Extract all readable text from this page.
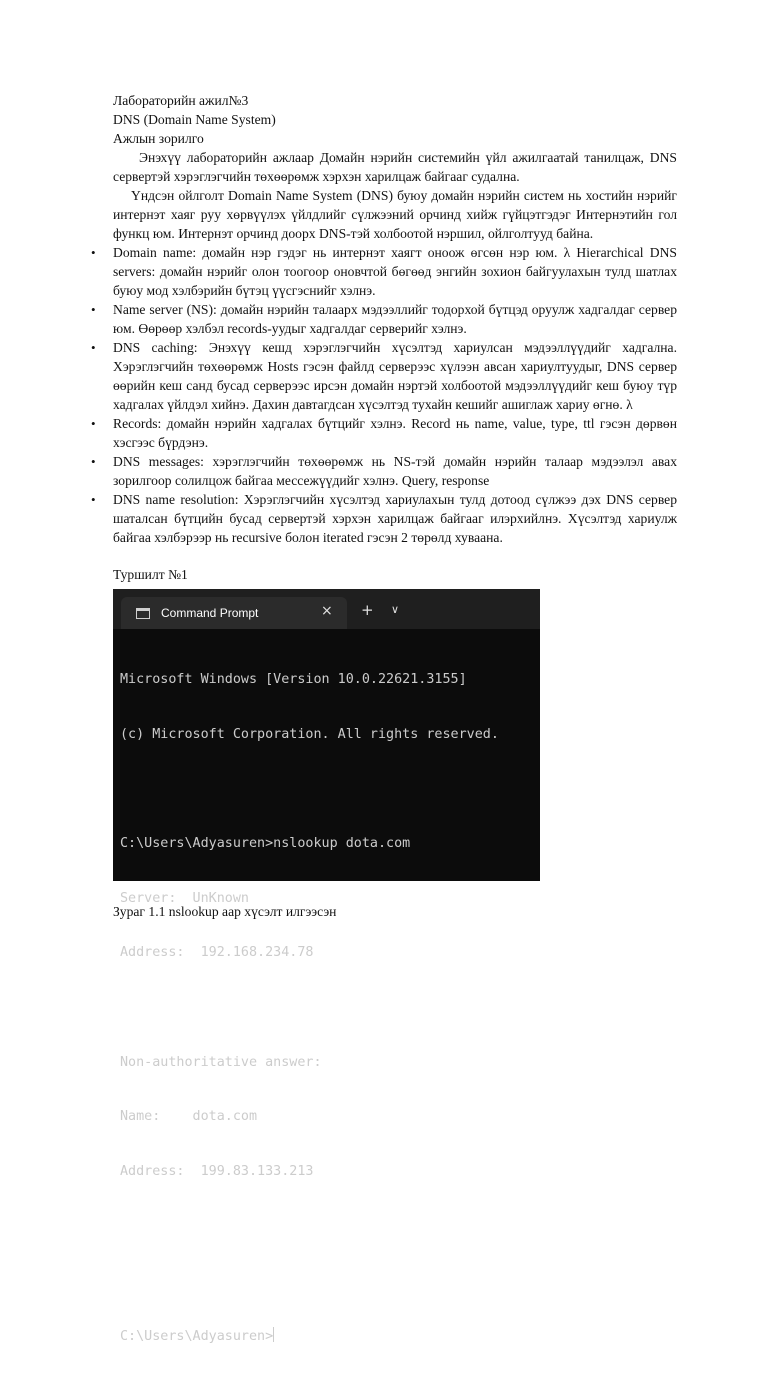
Лабораторийн ажил№3

DNS (Domain Name System)

Ажлын зорилго

Энэхүү лабораторийн ажлаар Домайн нэрийн системийн үйл ажилгаатай танилцаж, DNS сервертэй хэрэглэгчийн төхөөрөмж хэрхэн харилцаж байгааг судална.

Үндсэн ойлголт Domain Name System (DNS) буюу домайн нэрийн систем нь хостийн нэрийг интернэт хаяг руу хөрвүүлэх үйлдлийг сүлжээний орчинд хийж гүйцэтгэдэг Интернэтийн гол функц юм. Интернэт орчинд доорх DNS-тэй холбоотой нэршил, ойлголтууд байна.

• Domain name: домайн нэр гэдэг нь интернэт хаягт оноож өгсөн нэр юм. λ Hierarchical DNS servers: домайн нэрийг олон тоогоор оновчтой бөгөөд энгийн зохион байгуулахын тулд шатлах буюу мод хэлбэрийн бүтэц үүсгэснийг хэлнэ.
• Name server (NS): домайн нэрийн талаарх мэдээллийг тодорхой бүтцэд оруулж хадгалдаг сервер юм. Өөрөөр хэлбэл records-уудыг хадгалдаг серверийг хэлнэ.
• DNS caching: Энэхүү кешд хэрэглэгчийн хүсэлтэд хариулсан мэдээллүүдийг хадгална. Хэрэглэгчийн төхөөрөмж Hosts гэсэн файлд серверээс хүлээн авсан хариултуудыг, DNS сервер өөрийн кеш санд бусад серверээс ирсэн домайн нэртэй холбоотой мэдээллүүдийг кеш буюу түр хадгалах үйлдэл хийнэ. Дахин давтагдсан хүсэлтэд тухайн кешийг ашиглаж хариу өгнө. λ
• Records: домайн нэрийн хадгалах бүтцийг хэлнэ. Record нь name, value, type, ttl гэсэн дөрвөн хэсгээс бүрдэнэ.
• DNS messages: хэрэглэгчийн төхөөрөмж нь NS-тэй домайн нэрийн талаар мэдээлэл авах зорилгоор солилцож байгаа мессежүүдийг хэлнэ. Query, response
• DNS name resolution: Хэрэглэгчийн хүсэлтэд хариулахын тулд дотоод сүлжээ дэх DNS сервер шаталсан бүтцийн бусад сервертэй хэрхэн харилцаж байгааг илэрхийлнэ. Хүсэлтэд хариулж байгаа хэлбэрээр нь recursive болон iterated гэсэн 2 төрөлд хуваана.

Туршилт №1

Command Prompt	× + ∨

Microsoft Windows [Version 10.0.22621.3155]

(c) Microsoft Corporation. All rights reserved.

C:\Users\Adyasuren>nslookup dota.com

Server:  UnKnown

Address:  192.168.234.78

Non-authoritative answer:

Name:    dota.com

Address:  199.83.133.213

C:\Users\Adyasuren>

Зураг 1.1 nslookup аар хүсэлт илгээсэн
